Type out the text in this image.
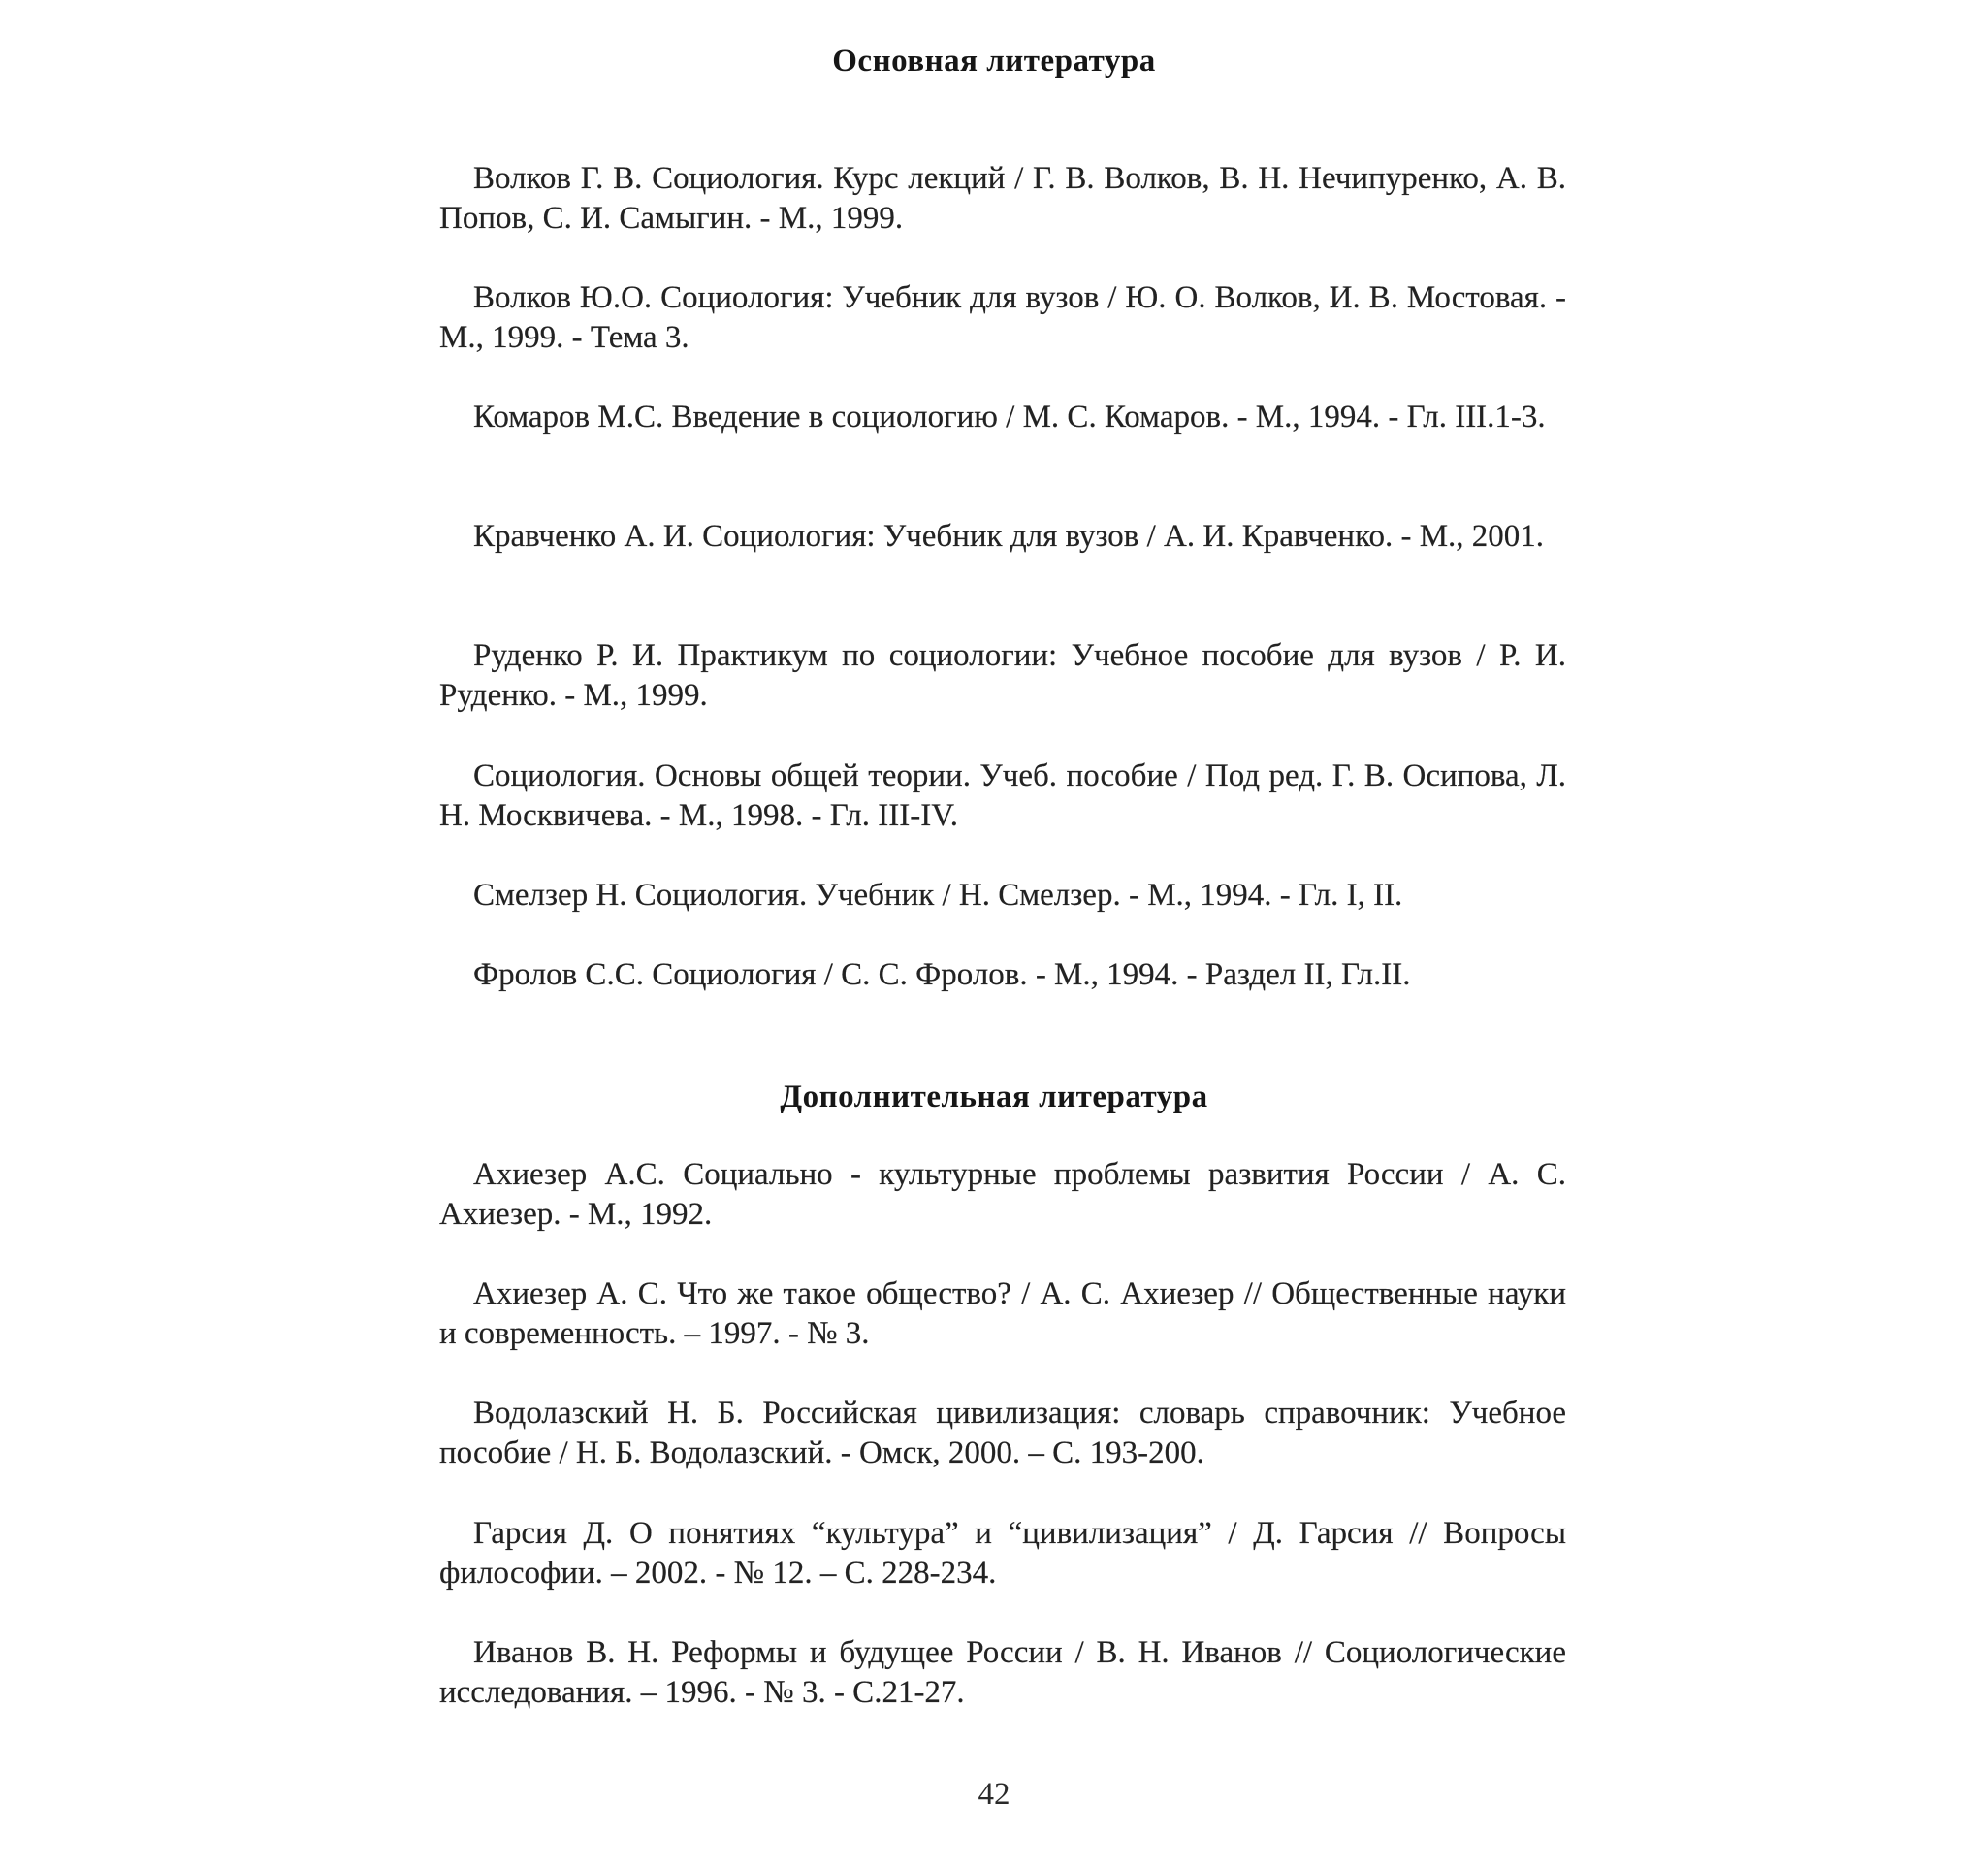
Основная литература
Волков Г. В. Социология. Курс лекций / Г. В. Волков, В. Н. Нечипуренко, А. В. Попов, С. И. Самыгин. - М., 1999.
Волков Ю.О. Социология: Учебник для вузов / Ю. О. Волков, И. В. Мостовая. - М., 1999. - Тема 3.
Комаров М.С. Введение в социологию / М. С. Комаров. - М., 1994. - Гл. III.1-3.
Кравченко А. И. Социология: Учебник для вузов / А. И. Кравченко. - М., 2001.
Руденко Р. И. Практикум по социологии: Учебное пособие для вузов / Р. И. Руденко. - М., 1999.
Социология. Основы общей теории. Учеб. пособие / Под ред. Г. В. Осипова, Л. Н. Москвичева. - М., 1998. - Гл. III-IV.
Смелзер Н. Социология. Учебник / Н. Смелзер. - М., 1994. - Гл. I, II.
Фролов С.С. Социология / С. С. Фролов. - М., 1994. - Раздел II, Гл.II.
Дополнительная литература
Ахиезер А.С. Социально - культурные проблемы развития России / А. С. Ахиезер. - М., 1992.
Ахиезер А. С. Что же такое общество? / А. С. Ахиезер // Общественные науки и современность. – 1997. - № 3.
Водолазский Н. Б. Российская цивилизация: словарь справочник: Учебное пособие / Н. Б. Водолазский. - Омск, 2000. – С. 193-200.
Гарсия Д. О понятиях “культура” и “цивилизация” / Д. Гарсия // Вопросы философии. – 2002. - № 12. – С. 228-234.
Иванов В. Н. Реформы и будущее России / В. Н. Иванов // Социологические исследования. – 1996. - № 3. - С.21-27.
42
